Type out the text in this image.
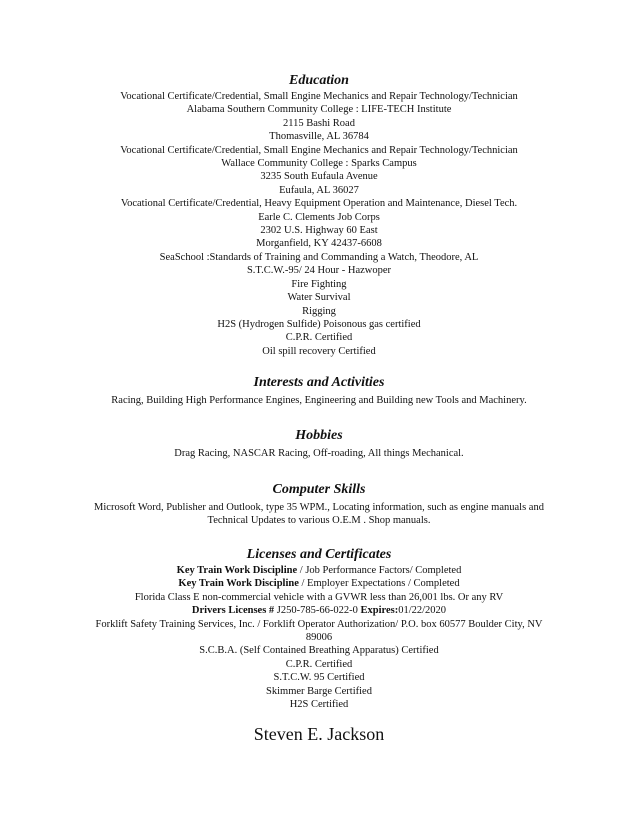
Education

Vocational Certificate/Credential, Small Engine Mechanics and Repair Technology/Technician

Alabama Southern Community College : LIFE-TECH Institute

2115 Bashi Road

Thomasville, AL 36784

Vocational Certificate/Credential, Small Engine Mechanics and Repair Technology/Technician

Wallace Community College : Sparks Campus

3235 South Eufaula Avenue

Eufaula, AL 36027

Vocational Certificate/Credential, Heavy Equipment Operation and Maintenance, Diesel Tech.

Earle C. Clements Job Corps

2302 U.S. Highway 60 East

Morganfield, KY 42437-6608

SeaSchool :Standards of Training and Commanding a Watch, Theodore, AL

S.T.C.W.-95/ 24 Hour - Hazwoper

Fire Fighting

Water Survival

Rigging

H2S (Hydrogen Sulfide) Poisonous gas certified

C.P.R. Certified

Oil spill recovery Certified

Interests and Activities

Racing, Building High Performance Engines, Engineering and Building new Tools and Machinery.

Hobbies

Drag Racing, NASCAR Racing, Off-roading, All things Mechanical.

Computer Skills

Microsoft Word, Publisher and Outlook, type 35 WPM., Locating information, such as engine manuals and

Technical Updates to various O.E.M . Shop manuals.

Licenses and Certificates

Key Train Work Discipline / Job Performance Factors/ Completed

Key Train Work Discipline / Employer Expectations / Completed

Florida Class E non-commercial vehicle with a GVWR less than 26,001 lbs. Or any RV

Drivers Licenses # J250-785-66-022-0 Expires:01/22/2020

Forklift Safety Training Services, Inc. / Forklift Operator Authorization/ P.O. box 60577 Boulder City, NV

89006

S.C.B.A. (Self Contained Breathing Apparatus) Certified

C.P.R. Certified

S.T.C.W. 95 Certified

Skimmer Barge Certified

H2S Certified

Steven E. Jackson
